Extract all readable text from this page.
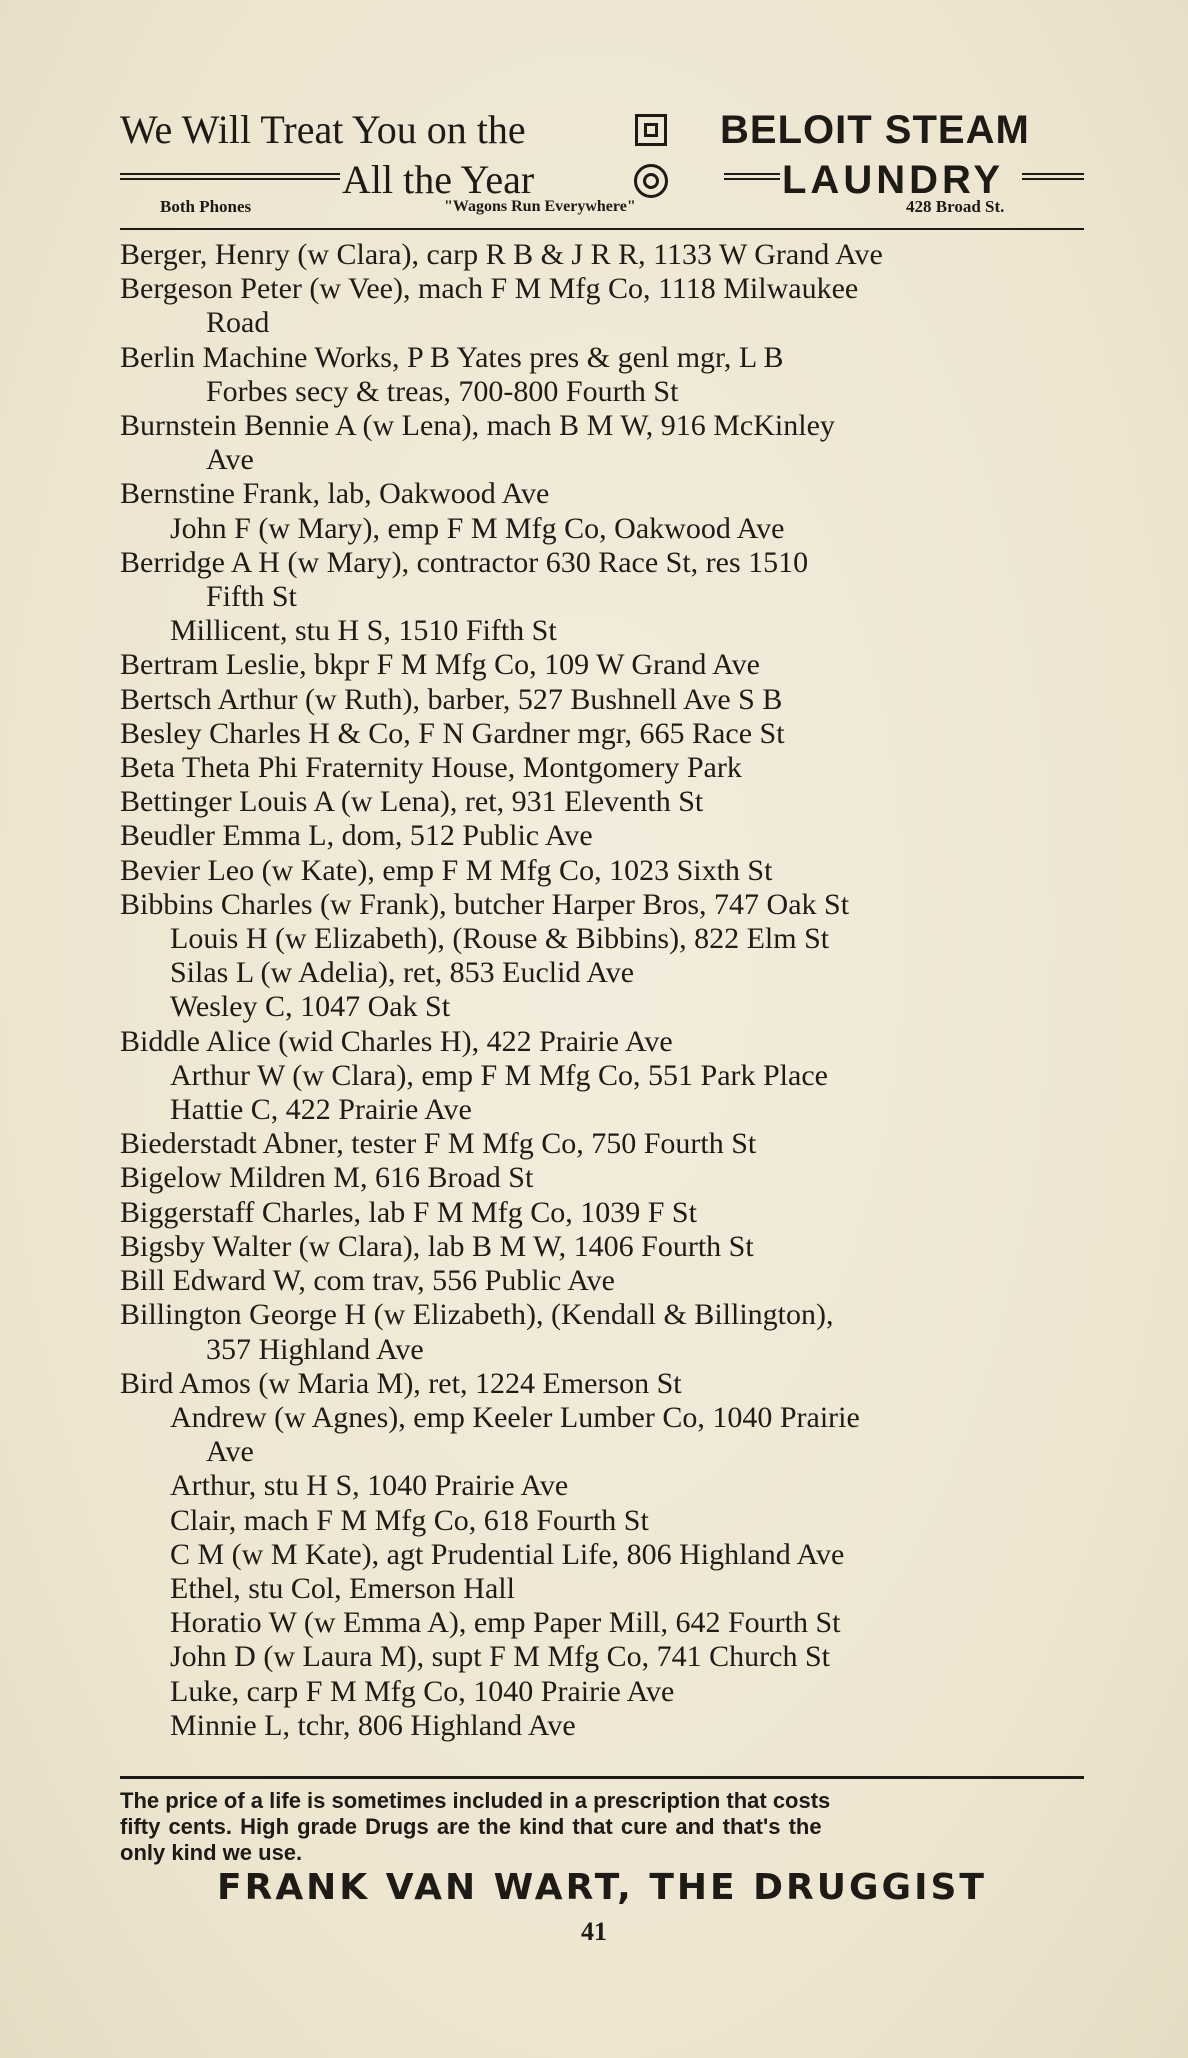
We Will Treat You on the	BELOIT STEAM
All the Year	LAUNDRY
Both Phones	"Wagons Run Everywhere"	428 Broad St.
Berger, Henry (w Clara), carp R B & J R R, 1133 W Grand Ave
Bergeson Peter (w Vee), mach F M Mfg Co, 1118 Milwaukee
Road
Berlin Machine Works, P B Yates pres & genl mgr, L B
Forbes secy & treas, 700-800 Fourth St
Burnstein Bennie A (w Lena), mach B M W, 916 McKinley
Ave
Bernstine Frank, lab, Oakwood Ave
John F (w Mary), emp F M Mfg Co, Oakwood Ave
Berridge A H (w Mary), contractor 630 Race St, res 1510
Fifth St
Millicent, stu H S, 1510 Fifth St
Bertram Leslie, bkpr F M Mfg Co, 109 W Grand Ave
Bertsch Arthur (w Ruth), barber, 527 Bushnell Ave S B
Besley Charles H & Co, F N Gardner mgr, 665 Race St
Beta Theta Phi Fraternity House, Montgomery Park
Bettinger Louis A (w Lena), ret, 931 Eleventh St
Beudler Emma L, dom, 512 Public Ave
Bevier Leo (w Kate), emp F M Mfg Co, 1023 Sixth St
Bibbins Charles (w Frank), butcher Harper Bros, 747 Oak St
Louis H (w Elizabeth), (Rouse & Bibbins), 822 Elm St
Silas L (w Adelia), ret, 853 Euclid Ave
Wesley C, 1047 Oak St
Biddle Alice (wid Charles H), 422 Prairie Ave
Arthur W (w Clara), emp F M Mfg Co, 551 Park Place
Hattie C, 422 Prairie Ave
Biederstadt Abner, tester F M Mfg Co, 750 Fourth St
Bigelow Mildren M, 616 Broad St
Biggerstaff Charles, lab F M Mfg Co, 1039 F St
Bigsby Walter (w Clara), lab B M W, 1406 Fourth St
Bill Edward W, com trav, 556 Public Ave
Billington George H (w Elizabeth), (Kendall & Billington),
357 Highland Ave
Bird Amos (w Maria M), ret, 1224 Emerson St
Andrew (w Agnes), emp Keeler Lumber Co, 1040 Prairie
Ave
Arthur, stu H S, 1040 Prairie Ave
Clair, mach F M Mfg Co, 618 Fourth St
C M (w M Kate), agt Prudential Life, 806 Highland Ave
Ethel, stu Col, Emerson Hall
Horatio W (w Emma A), emp Paper Mill, 642 Fourth St
John D (w Laura M), supt F M Mfg Co, 741 Church St
Luke, carp F M Mfg Co, 1040 Prairie Ave
Minnie L, tchr, 806 Highland Ave
The price of a life is sometimes included in a prescription that costs
fifty cents. High grade Drugs are the kind that cure and that's the
only kind we use.
FRANK VAN WART, THE DRUGGIST
41
